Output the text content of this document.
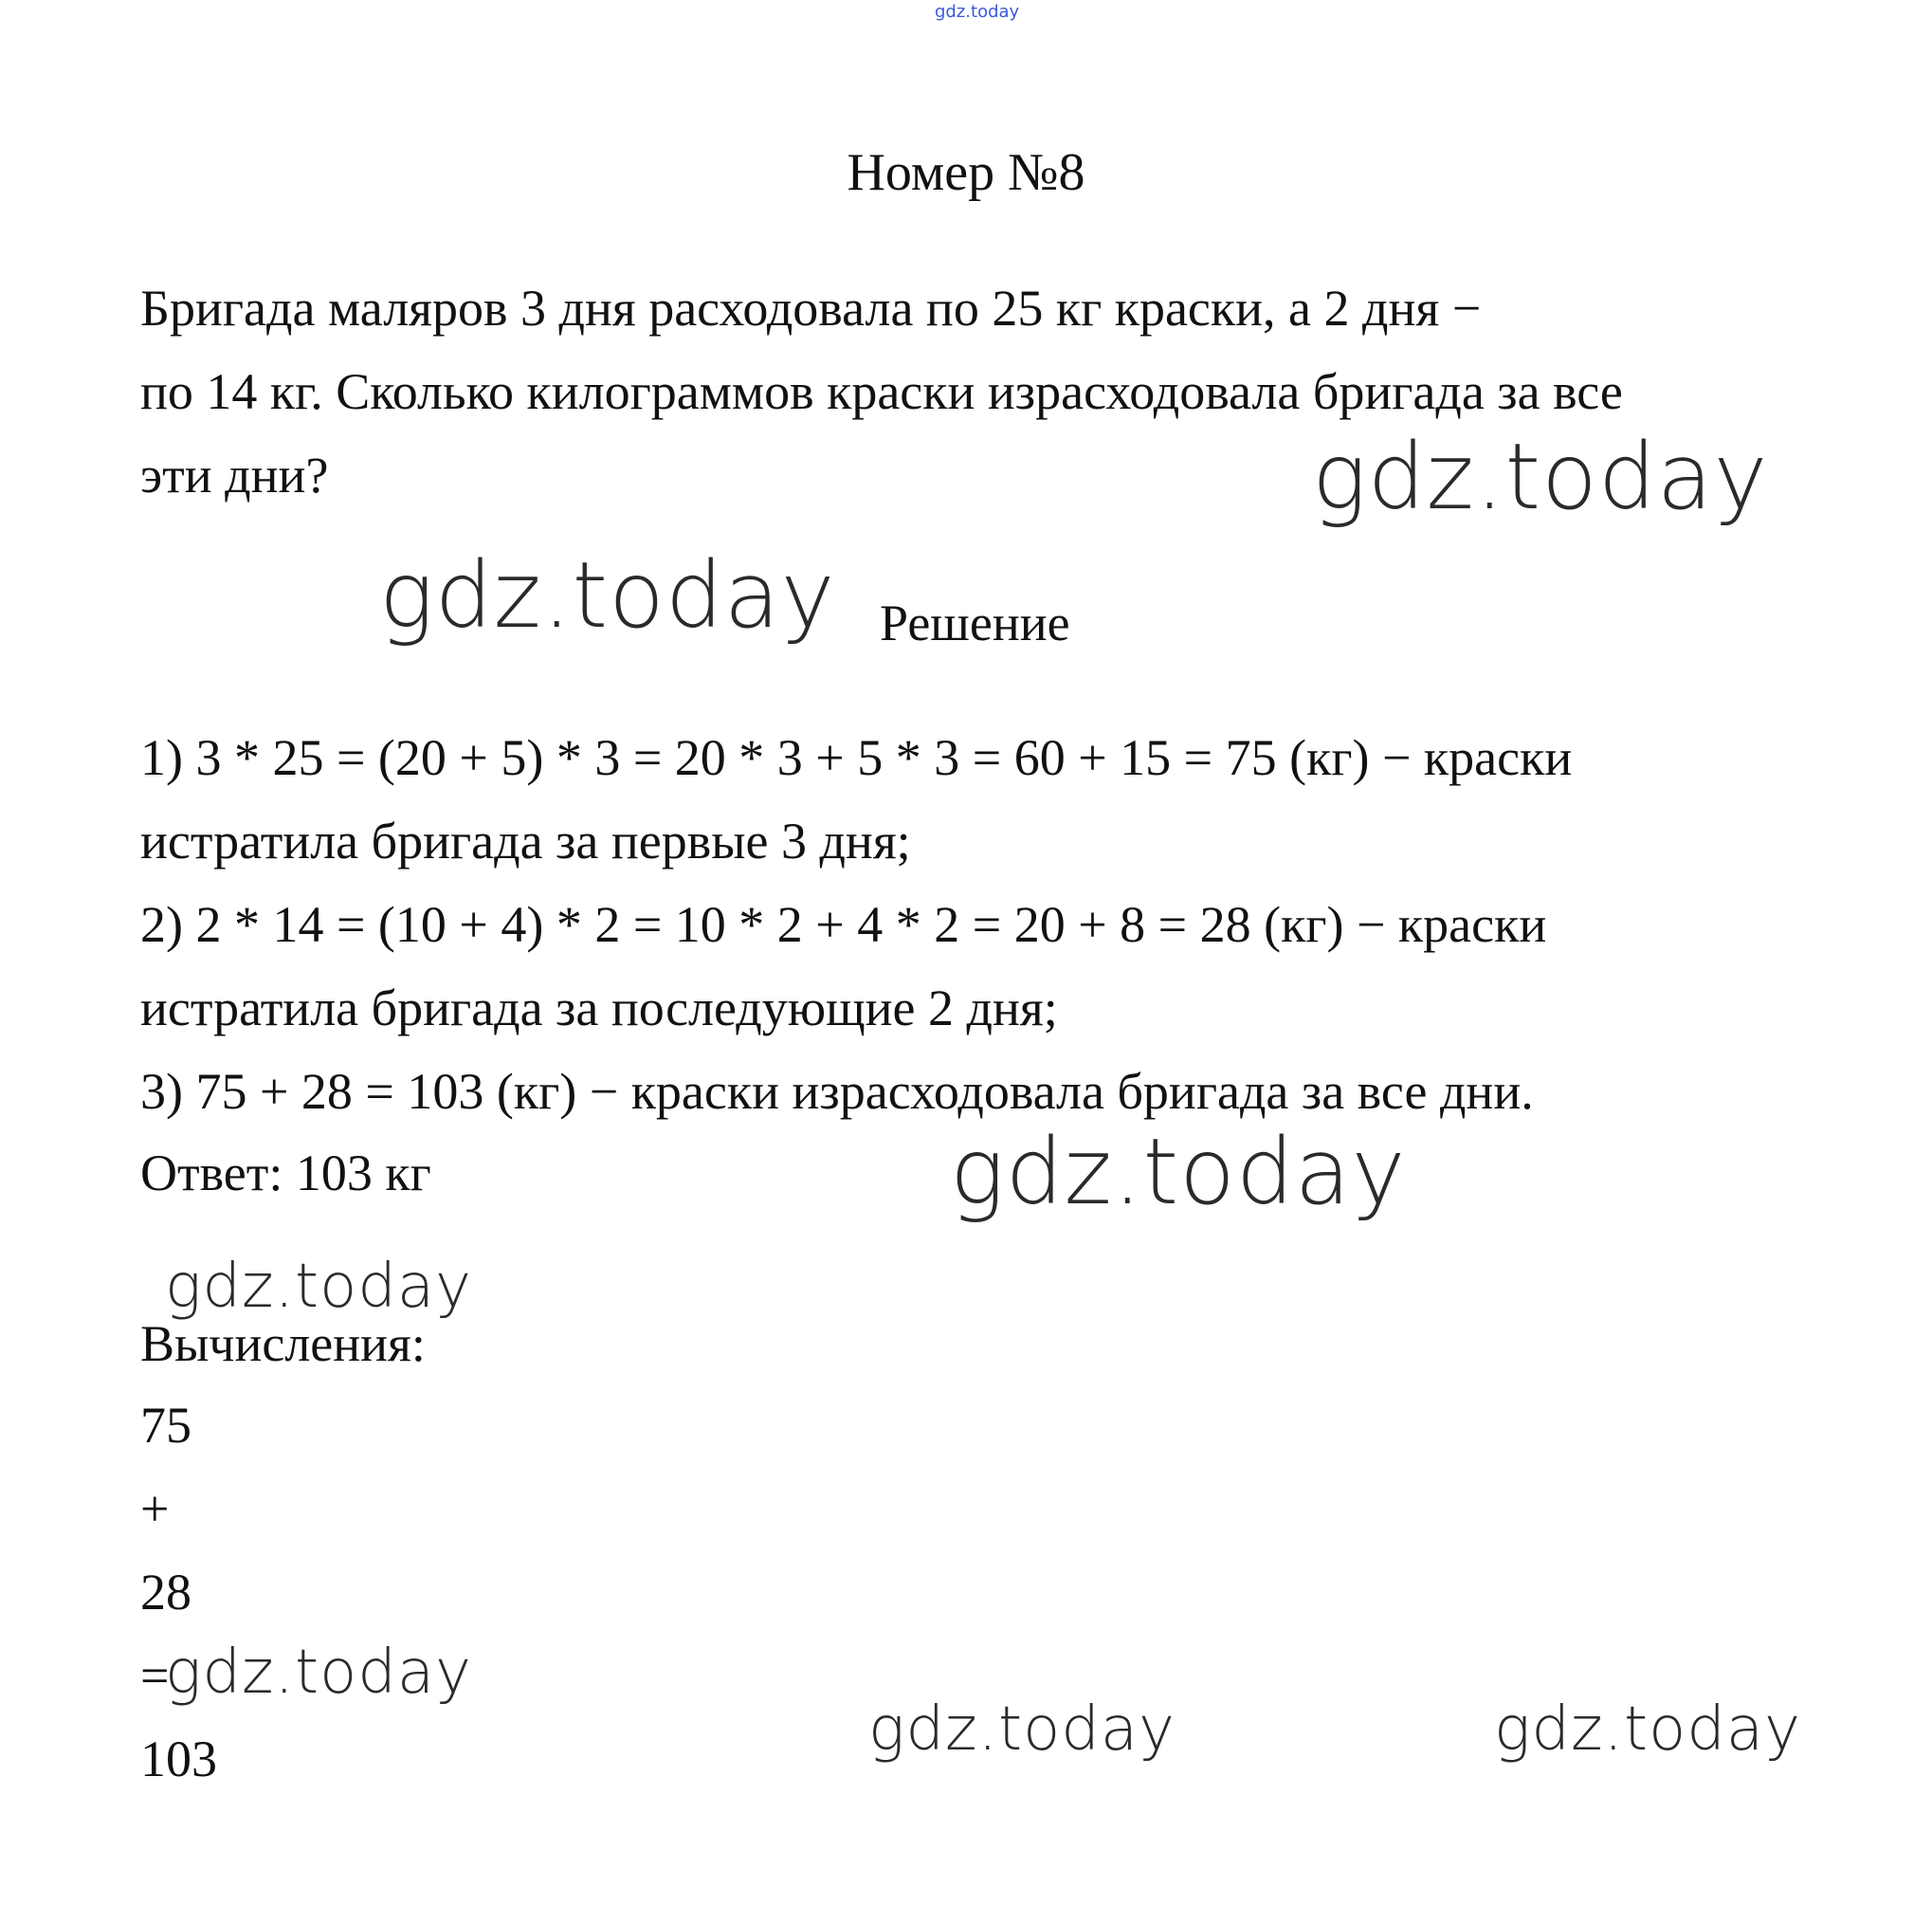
gdz.today
Номер №8
Бригада маляров 3 дня расходовала по 25 кг краски, а 2 дня −
по 14 кг. Сколько килограммов краски израсходовала бригада за все
эти дни?	gdz.today
gdz.today Решение
1) 3 * 25 = (20 + 5) * 3 = 20 * 3 + 5 * 3 = 60 + 15 = 75 (кг) − краски
истратила бригада за первые 3 дня;
2) 2 * 14 = (10 + 4) * 2 = 10 * 2 + 4 * 2 = 20 + 8 = 28 (кг) − краски
истратила бригада за последующие 2 дня;
3) 75 + 28 = 103 (кг) − краски израсходовала бригада за все дни.
Ответ: 103 кг	gdz.today
gdz.today
Вычисления:
75
+
28
=
gdz.today
103	gdz.today	gdz.today
